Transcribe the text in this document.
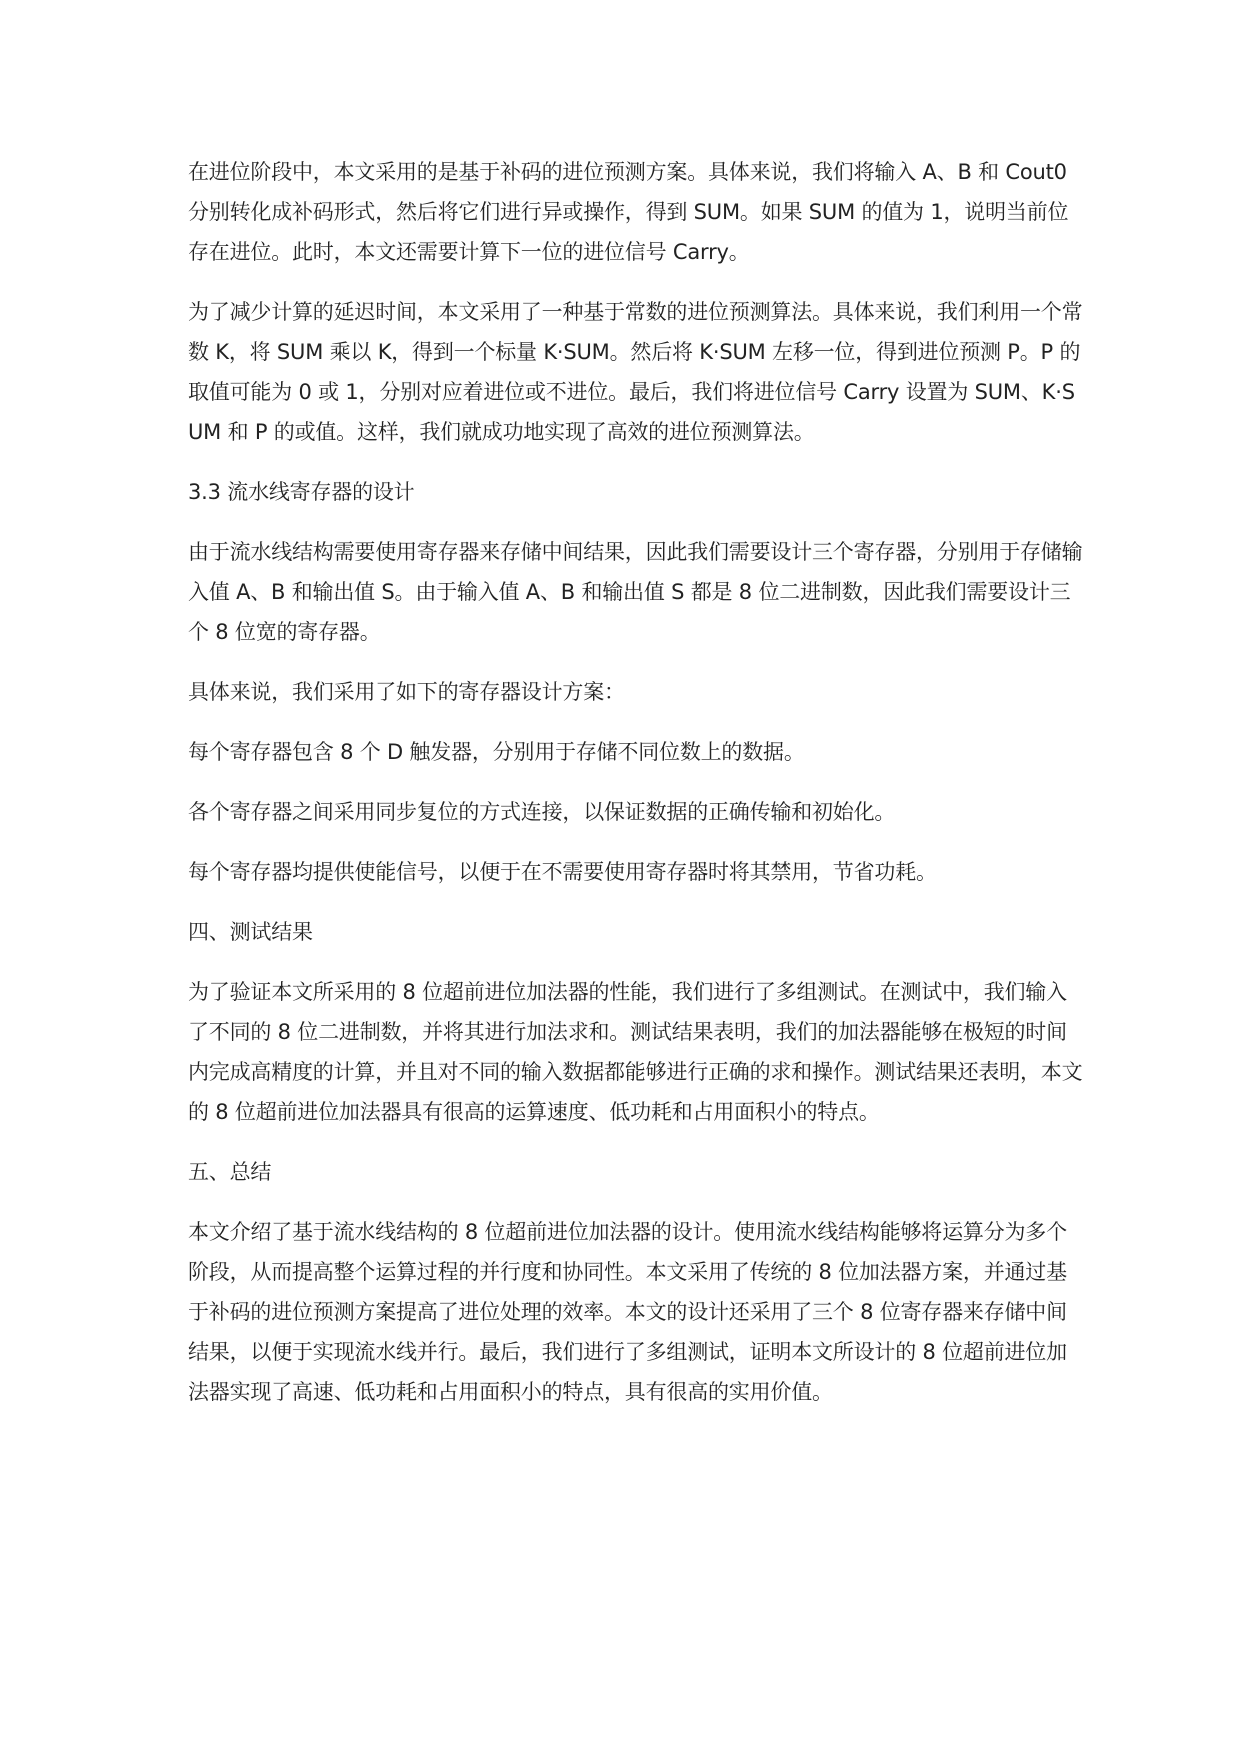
在进位阶段中，本文采用的是基于补码的进位预测方案。具体来说，我们将输入 A、B 和 Cout0 分别转化成补码形式，然后将它们进行异或操作，得到 SUM。如果 SUM 的值为 1，说明当前位存在进位。此时，本文还需要计算下一位的进位信号 Carry。

为了减少计算的延迟时间，本文采用了一种基于常数的进位预测算法。具体来说，我们利用一个常数 K，将 SUM 乘以 K，得到一个标量 K·SUM。然后将 K·SUM 左移一位，得到进位预测 P。P 的取值可能为 0 或 1，分别对应着进位或不进位。最后，我们将进位信号 Carry 设置为 SUM、K·SUM 和 P 的或值。这样，我们就成功地实现了高效的进位预测算法。

3.3 流水线寄存器的设计

由于流水线结构需要使用寄存器来存储中间结果，因此我们需要设计三个寄存器，分别用于存储输入值 A、B 和输出值 S。由于输入值 A、B 和输出值 S 都是 8 位二进制数，因此我们需要设计三个 8 位宽的寄存器。

具体来说，我们采用了如下的寄存器设计方案：

每个寄存器包含 8 个 D 触发器，分别用于存储不同位数上的数据。

各个寄存器之间采用同步复位的方式连接，以保证数据的正确传输和初始化。

每个寄存器均提供使能信号，以便于在不需要使用寄存器时将其禁用，节省功耗。

四、测试结果

为了验证本文所采用的 8 位超前进位加法器的性能，我们进行了多组测试。在测试中，我们输入了不同的 8 位二进制数，并将其进行加法求和。测试结果表明，我们的加法器能够在极短的时间内完成高精度的计算，并且对不同的输入数据都能够进行正确的求和操作。测试结果还表明，本文的 8 位超前进位加法器具有很高的运算速度、低功耗和占用面积小的特点。

五、总结

本文介绍了基于流水线结构的 8 位超前进位加法器的设计。使用流水线结构能够将运算分为多个阶段，从而提高整个运算过程的并行度和协同性。本文采用了传统的 8 位加法器方案，并通过基于补码的进位预测方案提高了进位处理的效率。本文的设计还采用了三个 8 位寄存器来存储中间结果，以便于实现流水线并行。最后，我们进行了多组测试，证明本文所设计的 8 位超前进位加法器实现了高速、低功耗和占用面积小的特点，具有很高的实用价值。
